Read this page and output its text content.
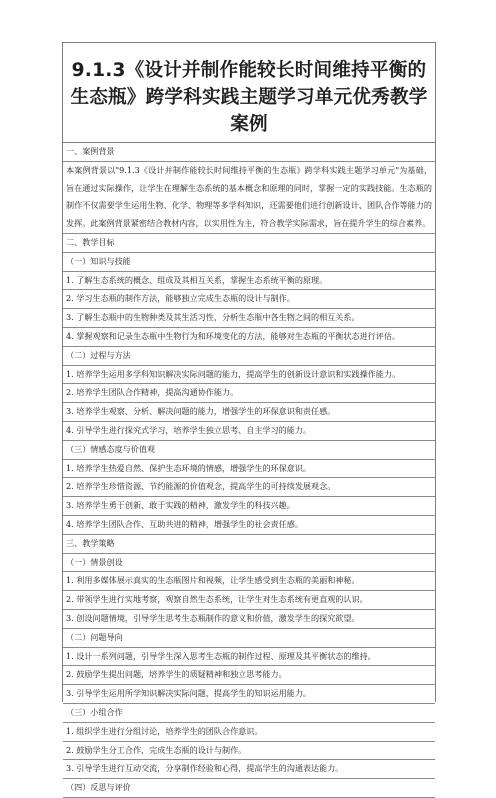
9.1.3《设计并制作能较长时间维持平衡的生态瓶》跨学科实践主题学习单元优秀教学案例
一、案例背景
本案例背景以"9.1.3《设计并制作能较长时间维持平衡的生态瓶》跨学科实践主题学习单元"为基础，旨在通过实际操作，让学生在理解生态系统的基本概念和原理的同时，掌握一定的实践技能。生态瓶的制作不仅需要学生运用生物、化学、物理等多学科知识，还需要他们进行创新设计、团队合作等能力的发挥。此案例背景紧密结合教材内容，以实用性为主，符合教学实际需求，旨在提升学生的综合素养。
二、教学目标
（一）知识与技能
1. 了解生态系统的概念、组成及其相互关系，掌握生态系统平衡的原理。
2. 学习生态瓶的制作方法，能够独立完成生态瓶的设计与制作。
3. 了解生态瓶中的生物种类及其生活习性，分析生态瓶中各生物之间的相互关系。
4. 掌握观察和记录生态瓶中生物行为和环境变化的方法，能够对生态瓶的平衡状态进行评估。
（二）过程与方法
1. 培养学生运用多学科知识解决实际问题的能力，提高学生的创新设计意识和实践操作能力。
2. 培养学生团队合作精神，提高沟通协作能力。
3. 培养学生观察、分析、解决问题的能力，增强学生的环保意识和责任感。
4. 引导学生进行探究式学习，培养学生独立思考、自主学习的能力。
（三）情感态度与价值观
1. 培养学生热爱自然、保护生态环境的情感，增强学生的环保意识。
2. 培养学生珍惜资源、节约能源的价值观念，提高学生的可持续发展观念。
3. 培养学生勇于创新、敢于实践的精神，激发学生的科技兴趣。
4. 培养学生团队合作、互助共进的精神，增强学生的社会责任感。
三、教学策略
（一）情景创设
1. 利用多媒体展示真实的生态瓶图片和视频，让学生感受到生态瓶的美丽和神秘。
2. 带领学生进行实地考察，观察自然生态系统，让学生对生态系统有更直观的认识。
3. 创设问题情境，引导学生思考生态瓶制作的意义和价值，激发学生的探究欲望。
（二）问题导向
1. 设计一系列问题，引导学生深入思考生态瓶的制作过程、原理及其平衡状态的维持。
2. 鼓励学生提出问题，培养学生的质疑精神和独立思考能力。
3. 引导学生运用所学知识解决实际问题，提高学生的知识运用能力。
（三）小组合作
1. 组织学生进行分组讨论，培养学生的团队合作意识。
2. 鼓励学生分工合作，完成生态瓶的设计与制作。
3. 引导学生进行互动交流，分享制作经验和心得，提高学生的沟通表达能力。
（四）反思与评价
